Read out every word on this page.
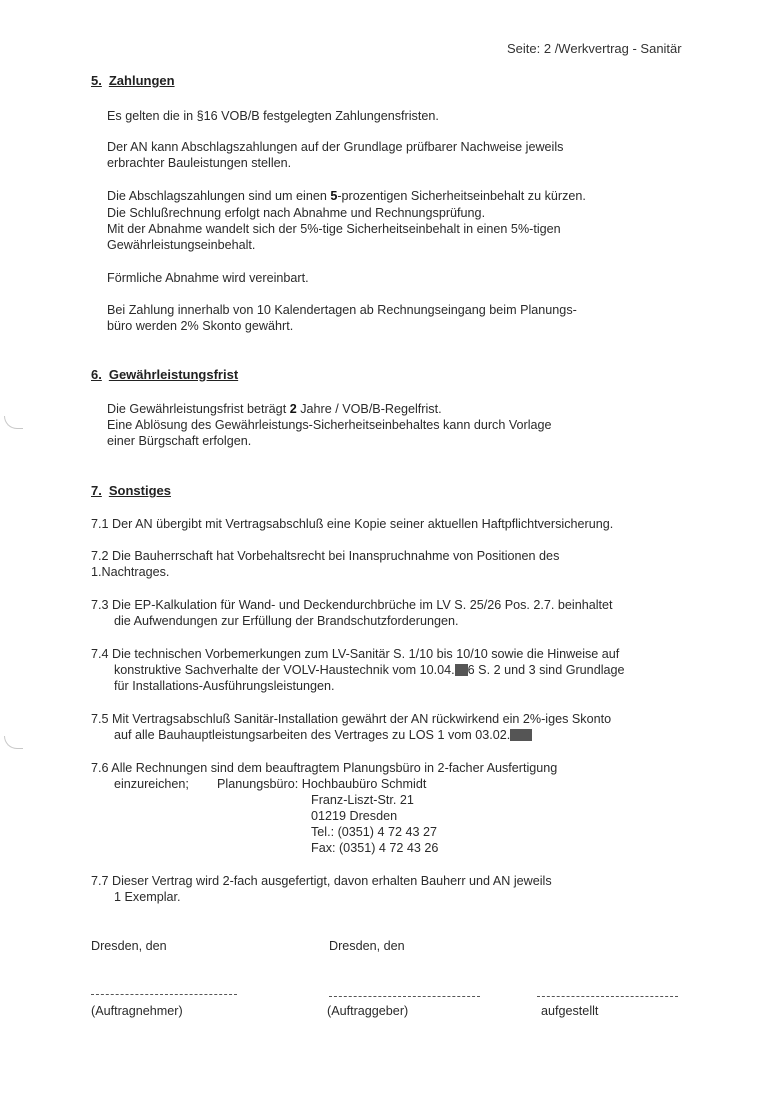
Seite: 2 /Werkvertrag - Sanitär
5. Zahlungen
Es gelten die in §16 VOB/B festgelegten Zahlungensfristen.
Der AN kann Abschlagszahlungen auf der Grundlage prüfbarer Nachweise jeweils
erbrachter Bauleistungen stellen.
Die Abschlagszahlungen sind um einen 5-prozentigen Sicherheitseinbehalt zu kürzen.
Die Schlußrechnung erfolgt nach Abnahme und Rechnungsprüfung.
Mit der Abnahme wandelt sich der 5%-tige Sicherheitseinbehalt in einen 5%-tigen
Gewährleistungseinbehalt.
Förmliche Abnahme wird vereinbart.
Bei Zahlung innerhalb von 10 Kalendertagen ab Rechnungseingang beim Planungs-
büro werden 2% Skonto gewährt.
6. Gewährleistungsfrist
Die Gewährleistungsfrist beträgt 2 Jahre / VOB/B-Regelfrist.
Eine Ablösung des Gewährleistungs-Sicherheitseinbehaltes kann durch Vorlage
einer Bürgschaft erfolgen.
7. Sonstiges
7.1 Der AN übergibt mit Vertragsabschluß eine Kopie seiner aktuellen Haftpflichtversicherung.
7.2 Die Bauherrschaft hat Vorbehaltsrecht bei Inanspruchnahme von Positionen des
1.Nachtrages.
7.3 Die EP-Kalkulation für Wand- und Deckendurchbrüche im LV S. 25/26 Pos. 2.7. beinhaltet
die Aufwendungen zur Erfüllung der Brandschutzforderungen.
7.4 Die technischen Vorbemerkungen zum LV-Sanitär S. 1/10 bis 10/10 sowie die Hinweise auf
konstruktive Sachverhalte der VOLV-Haustechnik vom 10.04. 6 S. 2 und 3 sind Grundlage
für Installations-Ausführungsleistungen.
7.5 Mit Vertragsabschluß Sanitär-Installation gewährt der AN rückwirkend ein 2%-iges Skonto
auf alle Bauhauptleistungsarbeiten des Vertrages zu LOS 1 vom 03.02.
7.6 Alle Rechnungen sind dem beauftragtem Planungsbüro in 2-facher Ausfertigung
einzureichen; Planungsbüro: Hochbaubüro Schmidt
Franz-Liszt-Str. 21
01219 Dresden
Tel.: (0351) 4 72 43 27
Fax: (0351) 4 72 43 26
7.7 Dieser Vertrag wird 2-fach ausgefertigt, davon erhalten Bauherr und AN jeweils
1 Exemplar.
Dresden, den	Dresden, den
(Auftragnehmer)	(Auftraggeber)	aufgestellt
